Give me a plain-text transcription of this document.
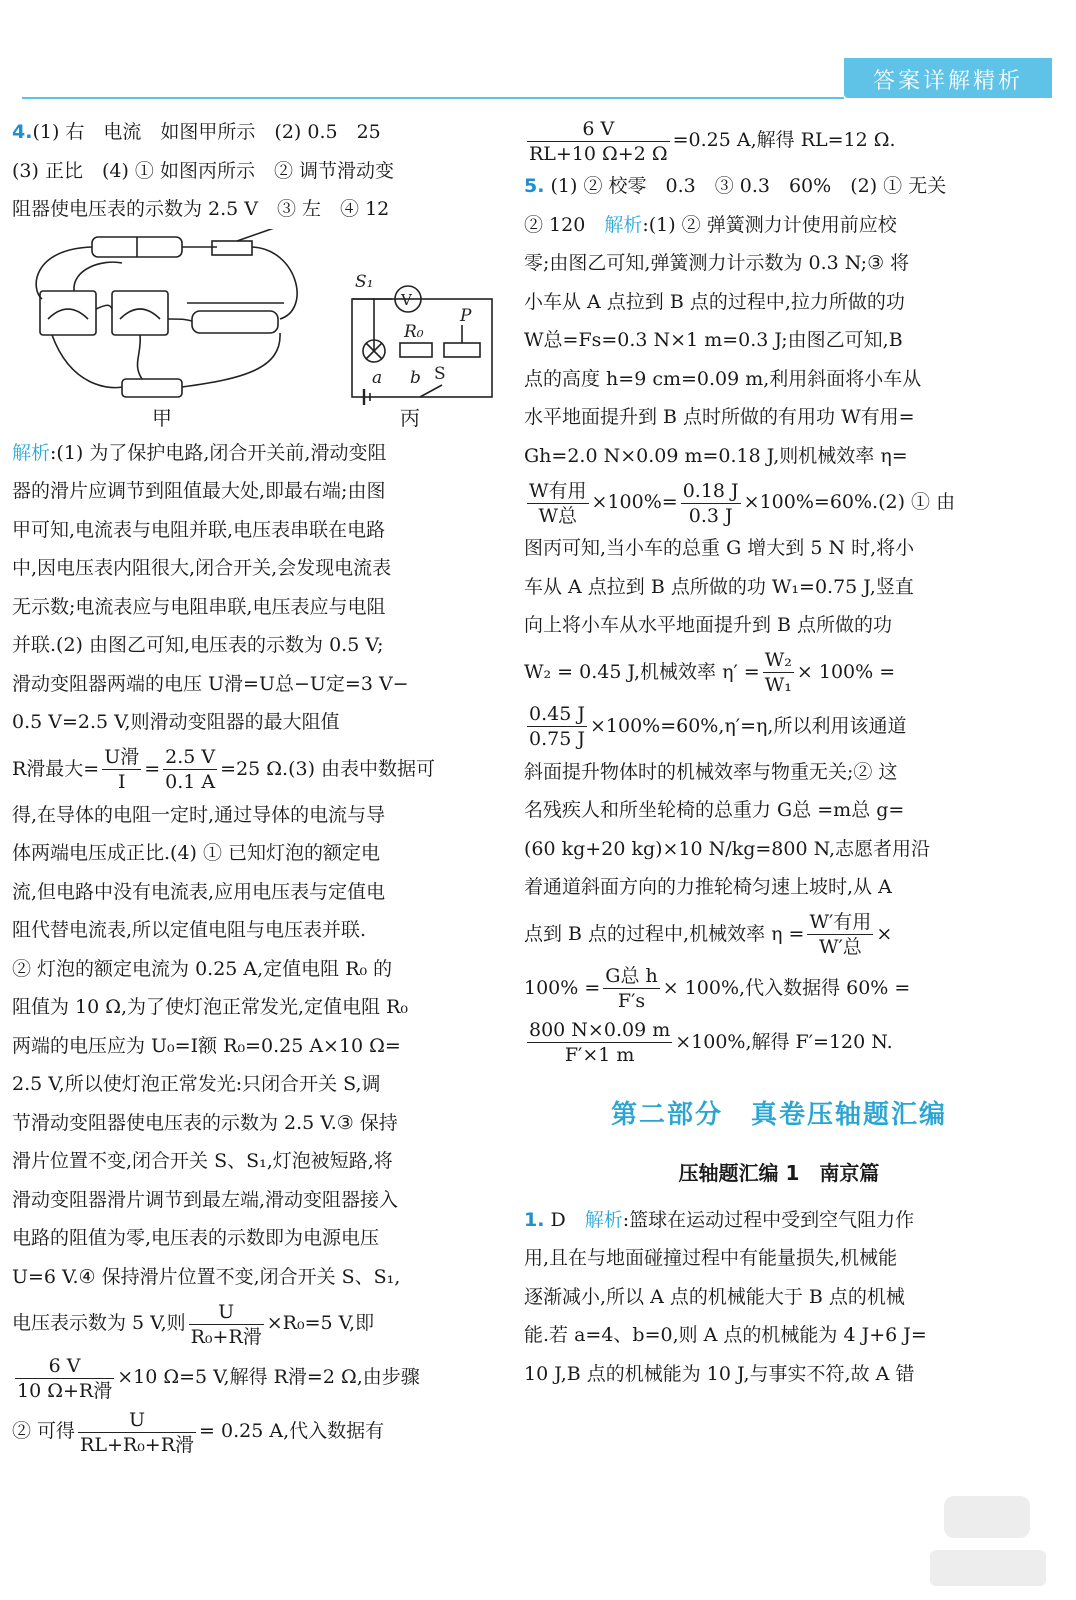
答案详解精析

4.(1) 右　电流　如图甲所示　(2) 0.5　25

(3) 正比　(4) ① 如图丙所示　② 调节滑动变

阻器使电压表的示数为 2.5 V　③ 左　④ 12

S₁
V
R₀
P
a b S
甲	丙

解析:(1) 为了保护电路,闭合开关前,滑动变阻

器的滑片应调节到阻值最大处,即最右端;由图

甲可知,电流表与电阻并联,电压表串联在电路

中,因电压表内阻很大,闭合开关,会发现电流表

无示数;电流表应与电阻串联,电压表应与电阻

并联.(2) 由图乙可知,电压表的示数为 0.5 V;

滑动变阻器两端的电压 U滑=U总−U定=3 V−

0.5 V=2.5 V,则滑动变阻器的最大阻值

R滑最大= $\frac{\text{U滑}}{I} = \frac{2.5 V}{0.1 A} =25$ Ω.(3) 由表中数据可

得,在导体的电阻一定时,通过导体的电流与导

体两端电压成正比.(4) ① 已知灯泡的额定电

流,但电路中没有电流表,应用电压表与定值电

阻代替电流表,所以定值电阻与电压表并联.

② 灯泡的额定电流为 0.25 A,定值电阻 R₀ 的

阻值为 10 Ω,为了使灯泡正常发光,定值电阻 R₀

两端的电压应为 U₀=I额 R₀=0.25 A×10 Ω=

2.5 V,所以使灯泡正常发光:只闭合开关 S,调

节滑动变阻器使电压表的示数为 2.5 V.③ 保持

滑片位置不变,闭合开关 S、S₁,灯泡被短路,将

滑动变阻器滑片调节到最左端,滑动变阻器接入

电路的阻值为零,电压表的示数即为电源电压

U=6 V.④ 保持滑片位置不变,闭合开关 S、S₁,

电压表示数为 5 V,则 $\frac{U}{\text{R₀+R滑}} \times R_0=5$ V,即

$\frac{6 V}{\text{10 Ω+R滑}} \times 10$ Ω=5 V,解得 R滑=2 Ω,由步骤

② 可得 $\frac{U}{\text{RL+R₀+R滑}} = 0.25$ A,代入数据有

$\frac{6 V}{RL+10 \Omega+2 \Omega} =0.25$ A,解得 RL=12 Ω.

5. (1) ② 校零　0.3　③ 0.3　60%　(2) ① 无关

② 120　解析:(1) ② 弹簧测力计使用前应校

零;由图乙可知,弹簧测力计示数为 0.3 N;③ 将

小车从 A 点拉到 B 点的过程中,拉力所做的功

W总=Fs=0.3 N×1 m=0.3 J;由图乙可知,B

点的高度 h=9 cm=0.09 m,利用斜面将小车从

水平地面提升到 B 点时所做的有用功 W有用=

Gh=2.0 N×0.09 m=0.18 J,则机械效率 η=

$\frac{\text{W有用}}{\text{W总}} \times 100\%= \frac{0.18 J}{0.3 J} \times 100\%=60\%.(2)$ ① 由

图丙可知,当小车的总重 G 增大到 5 N 时,将小

车从 A 点拉到 B 点所做的功 W₁=0.75 J,竖直

向上将小车从水平地面提升到 B 点所做的功

W₂ = 0.45 J,机械效率 $\eta' = \frac{\text{W₂}}{\text{W₁}} \times 100\%$ =

$\frac{0.45 J}{0.75 J} \times 100\%=60\%,\eta'=\eta$,所以利用该通道

斜面提升物体时的机械效率与物重无关;② 这

名残疾人和所坐轮椅的总重力 G总 =m总 g=

(60 kg+20 kg)×10 N/kg=800 N,志愿者用沿

着通道斜面方向的力推轮椅匀速上坡时,从 A

点到 B 点的过程中,机械效率 $\eta = \frac{\text{W′有用}}{\text{W′总}}$ ×

$100\% = \frac{\text{G总 h}}{F's} \times 100\%$,代入数据得 60% =

$\frac{800 N\times 0.09 m}{F'\times 1 m} \times 100\%$,解得 F′=120 N.

第二部分　真卷压轴题汇编
压轴题汇编 1　南京篇

1. D　解析:篮球在运动过程中受到空气阻力作

用,且在与地面碰撞过程中有能量损失,机械能

逐渐减小,所以 A 点的机械能大于 B 点的机械

能.若 a=4、b=0,则 A 点的机械能为 4 J+6 J=

10 J,B 点的机械能为 10 J,与事实不符,故 A 错
